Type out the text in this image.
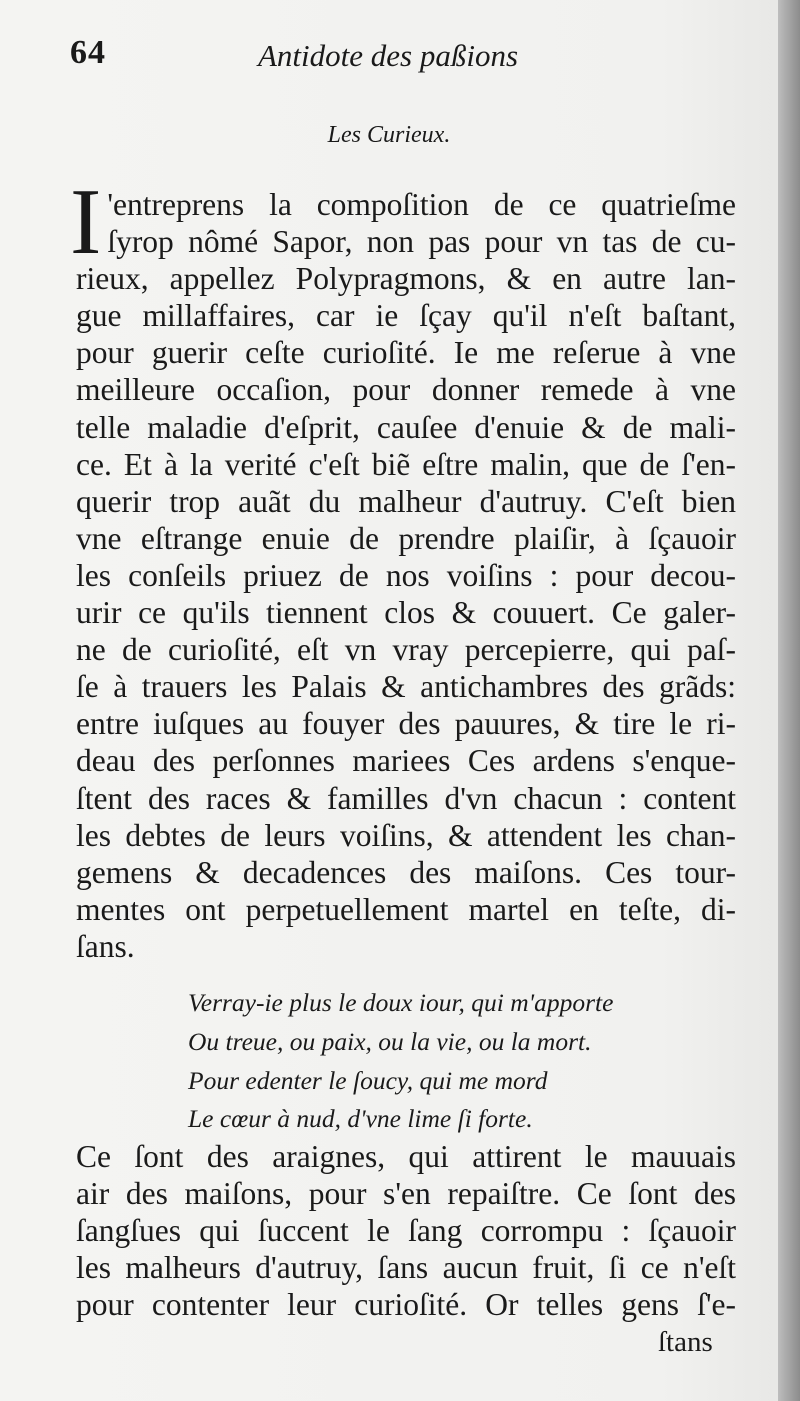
64	Antidote des paßions
Les Curieux.
I 'entreprens la compoſition de ce quatrieſme
ſyrop nômé Sapor, non pas pour vn tas de cu-
rieux, appellez Polypragmons, & en autre lan-
gue millaffaires, car ie ſçay qu'il n'eſt baſtant,
pour guerir ceſte curioſité. Ie me reſerue à vne
meilleure occaſion, pour donner remede à vne
telle maladie d'eſprit, cauſee d'enuie & de mali-
ce. Et à la verité c'eſt biẽ eſtre malin, que de ſ'en-
querir trop auãt du malheur d'autruy. C'eſt bien
vne eſtrange enuie de prendre plaiſir, à ſçauoir
les conſeils priuez de nos voiſins : pour decou-
urir ce qu'ils tiennent clos & couuert. Ce galer-
ne de curioſité, eſt vn vray percepierre, qui paſ-
ſe à trauers les Palais & antichambres des grãds:
entre iuſques au fouyer des pauures, & tire le ri-
deau des perſonnes mariees Ces ardens s'enque-
ſtent des races & familles d'vn chacun : content
les debtes de leurs voiſins, & attendent les chan-
gemens & decadences des maiſons. Ces tour-
mentes ont perpetuellement martel en teſte, di-
ſans.
Verray-ie plus le doux iour, qui m'apporte
Ou treue, ou paix, ou la vie, ou la mort.
Pour edenter le ſoucy, qui me mord
Le cœur à nud, d'vne lime ſi forte.
Ce ſont des araignes, qui attirent le mauuais
air des maiſons, pour s'en repaiſtre. Ce ſont des
ſangſues qui ſuccent le ſang corrompu : ſçauoir
les malheurs d'autruy, ſans aucun fruit, ſi ce n'eſt
pour contenter leur curioſité. Or telles gens ſ'e-
ſtans
